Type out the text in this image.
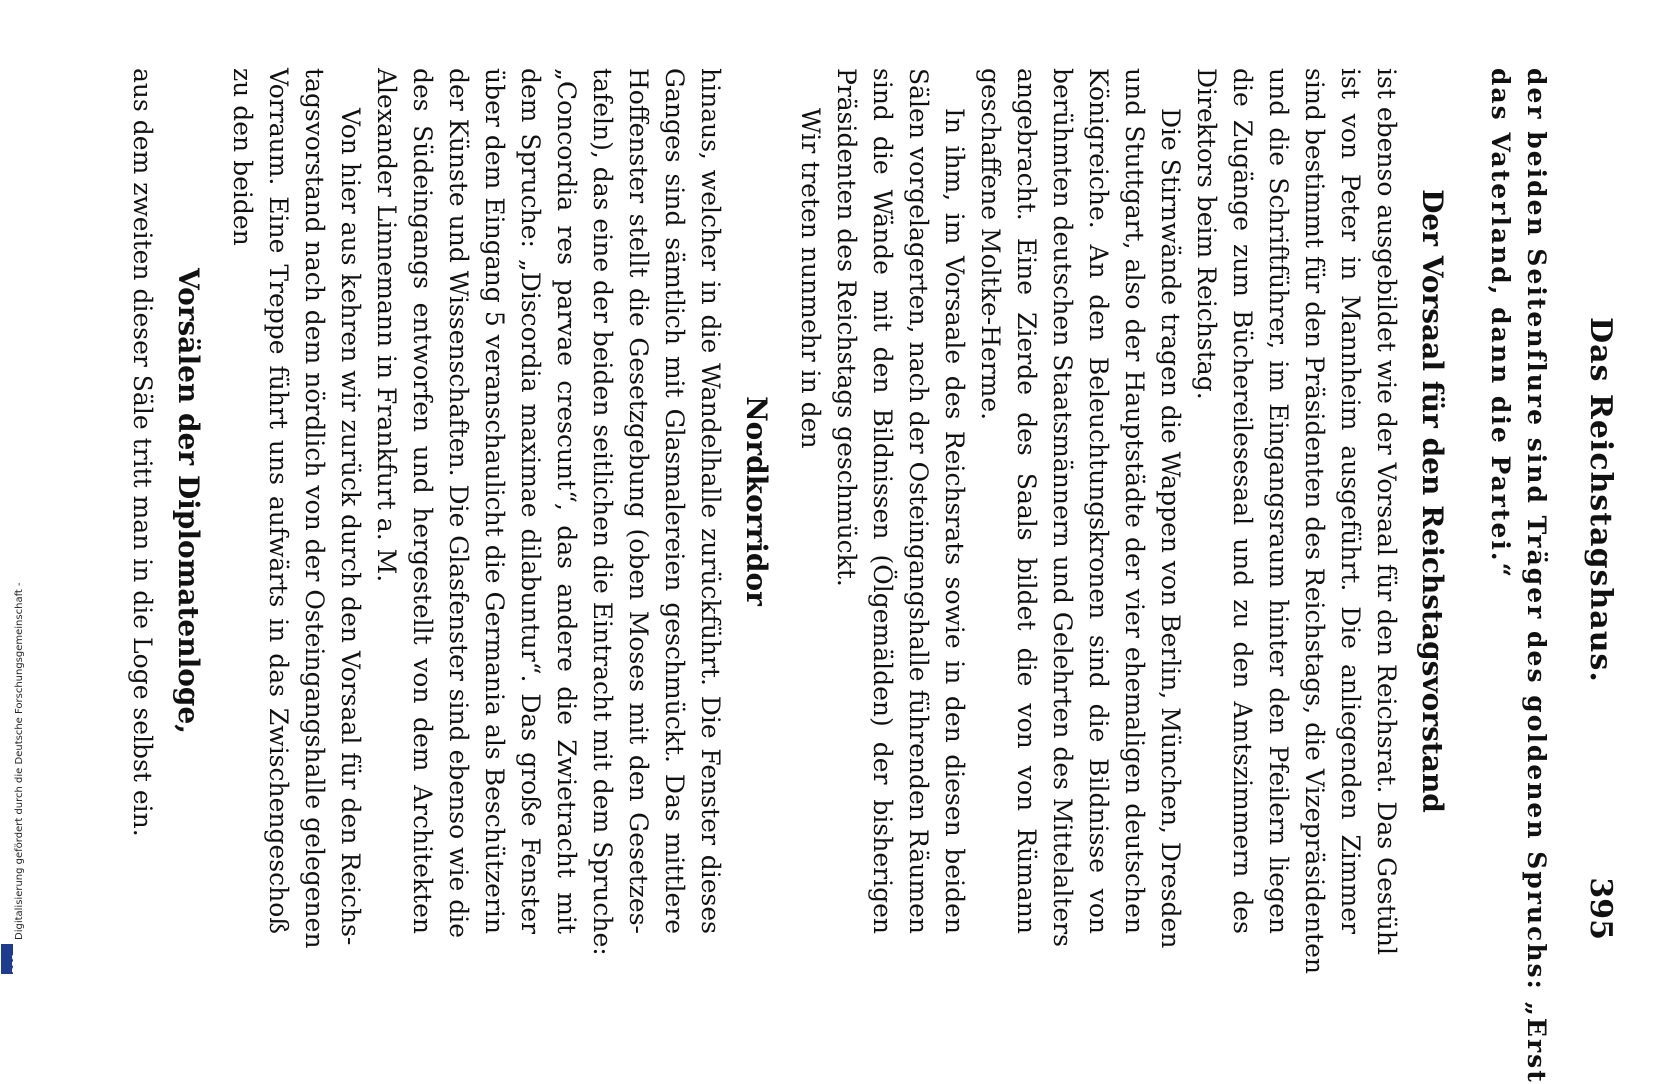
Das Reichstagshaus.
395
der beiden Seitenflure sind Träger des goldenen Spruchs: „Erst
das Vaterland, dann die Partei.“
Der Vorsaal für den Reichstagsvorstand

ist ebenso ausgebildet wie der Vorsaal für den Reichsrat. Das Gestühl
ist von Peter in Mannheim ausgeführt. Die anliegenden Zimmer
sind bestimmt für den Präsidenten des Reichstags, die Vizepräsidenten
und die Schriftführer, im Eingangsraum hinter den Pfeilern liegen
die Zugänge zum Büchereilesesaal und zu den Amtszimmern des
Direktors beim Reichstag.

Die Stirnwände tragen die Wappen von Berlin, München, Dresden
und Stuttgart, also der Hauptstädte der vier ehemaligen deutschen
Königreiche. An den Beleuchtungskronen sind die Bildnisse von
berühmten deutschen Staatsmännern und Gelehrten des Mittelalters
angebracht. Eine Zierde des Saals bildet die von von Rümann
geschaffene Moltke-Herme.

In ihm, im Vorsaale des Reichsrats sowie in den diesen beiden
Sälen vorgelagerten, nach der Osteingangshalle führenden Räumen
sind die Wände mit den Bildnissen (Ölgemälden) der bisherigen
Präsidenten des Reichstags geschmückt.

Wir treten nunmehr in den

Nordkorridor

hinaus, welcher in die Wandelhalle zurückführt. Die Fenster dieses
Ganges sind sämtlich mit Glasmalereien geschmückt. Das mittlere
Hoffenster stellt die Gesetzgebung (oben Moses mit den Gesetzes-
tafeln), das eine der beiden seitlichen die Eintracht mit dem Spruche:
„Concordia res parvae crescunt“, das andere die Zwietracht mit
dem Spruche: „Discordia maximae dilabuntur“. Das große Fenster
über dem Eingang 5 veranschaulicht die Germania als Beschützerin
der Künste und Wissenschaften. Die Glasfenster sind ebenso wie die
des Südeingangs entworfen und hergestellt von dem Architekten
Alexander Linnemann in Frankfurt a. M.

Von hier aus kehren wir zurück durch den Vorsaal für den Reichs-
tagsvorstand nach dem nördlich von der Osteingangshalle gelegenen
Vorraum. Eine Treppe führt uns aufwärts in das Zwischengeschoß
zu den beiden

Vorsälen der Diplomatenloge,

aus dem zweiten dieser Säle tritt man in die Loge selbst ein.

Digitalisierung gefördert durch die Deutsche Forschungsgemeinschaft -
DFG
